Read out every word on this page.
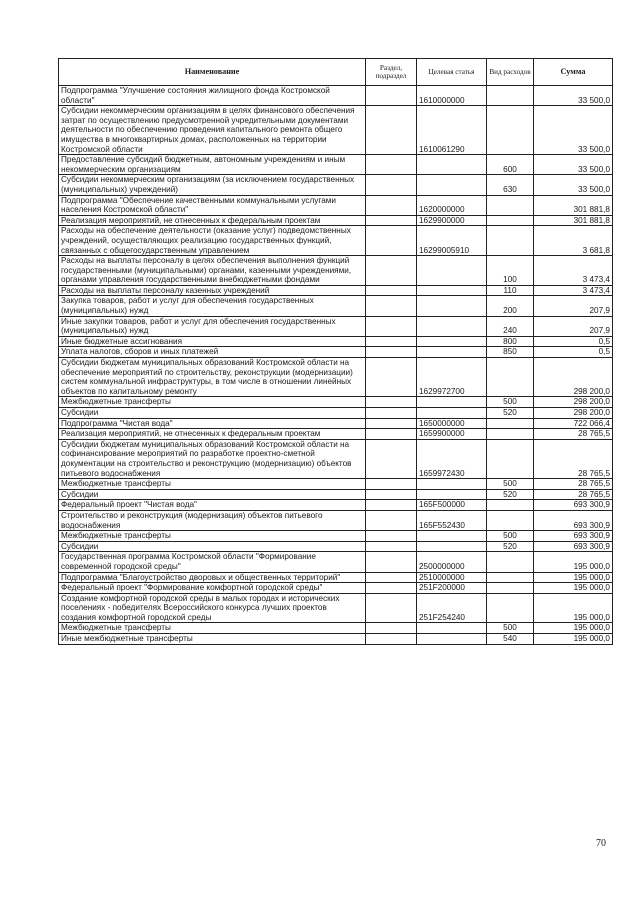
Наименование	Раздел, подраздел	Целевая статья	Вид расходов	Сумма
Подпрограмма "Улучшение состояния жилищного фонда Костромской области"		1610000000		33 500,0
Субсидии некоммерческим организациям в целях финансового обеспечения затрат по осуществлению предусмотренной учредительными документами деятельности по обеспечению проведения капитального ремонта общего имущества в многоквартирных домах, расположенных на территории Костромской области		1610061290		33 500,0
Предоставление субсидий бюджетным, автономным учреждениям и иным некоммерческим организациям			600	33 500,0
Субсидии некоммерческим организациям (за исключением государственных (муниципальных) учреждений)			630	33 500,0
Подпрограмма "Обеспечение качественными коммунальными услугами населения Костромской области"		1620000000		301 881,8
Реализация мероприятий, не отнесенных к федеральным проектам		1629900000		301 881,8
Расходы на обеспечение деятельности (оказание услуг) подведомственных учреждений, осуществляющих реализацию государственных функций, связанных с общегосударственным управлением		16299005910		3 681,8
Расходы на выплаты персоналу в целях обеспечения выполнения функций государственными (муниципальными) органами, казенными учреждениями, органами управления государственными внебюджетными фондами			100	3 473,4
Расходы на выплаты персоналу казенных учреждений			110	3 473,4
Закупка товаров, работ и услуг для обеспечения государственных (муниципальных) нужд			200	207,9
Иные закупки товаров, работ и услуг для обеспечения государственных (муниципальных) нужд			240	207,9
Иные бюджетные ассигнования			800	0,5
Уплата налогов, сборов и иных платежей			850	0,5
Субсидии бюджетам муниципальных образований Костромской области на обеспечение мероприятий по строительству, реконструкции (модернизации) систем коммунальной инфраструктуры, в том числе в отношении линейных объектов по капитальному ремонту		1629972700		298 200,0
Межбюджетные трансферты			500	298 200,0
Субсидии			520	298 200,0
Подпрограмма "Чистая вода"		1650000000		722 066,4
Реализация мероприятий, не отнесенных к федеральным проектам		1659900000		28 765,5
Субсидии бюджетам муниципальных образований Костромской области на софинансирование мероприятий по разработке проектно-сметной документации на строительство и реконструкцию (модернизацию) объектов питьевого водоснабжения		1659972430		28 765,5
Межбюджетные трансферты			500	28 765,5
Субсидии			520	28 765,5
Федеральный проект "Чистая вода"		165F500000		693 300,9
Строительство и реконструкция (модернизация) объектов питьевого водоснабжения		165F552430		693 300,9
Межбюджетные трансферты			500	693 300,9
Субсидии			520	693 300,9
Государственная программа Костромской области "Формирование современной городской среды"		2500000000		195 000,0
Подпрограмма "Благоустройство дворовых и общественных территорий"		2510000000		195 000,0
Федеральный проект "Формирование комфортной городской среды"		251F200000		195 000,0
Создание комфортной городской среды в малых городах и исторических поселениях - победителях Всероссийского конкурса лучших проектов создания комфортной городской среды		251F254240		195 000,0
Межбюджетные трансферты			500	195 000,0
Иные межбюджетные трансферты			540	195 000,0
70
